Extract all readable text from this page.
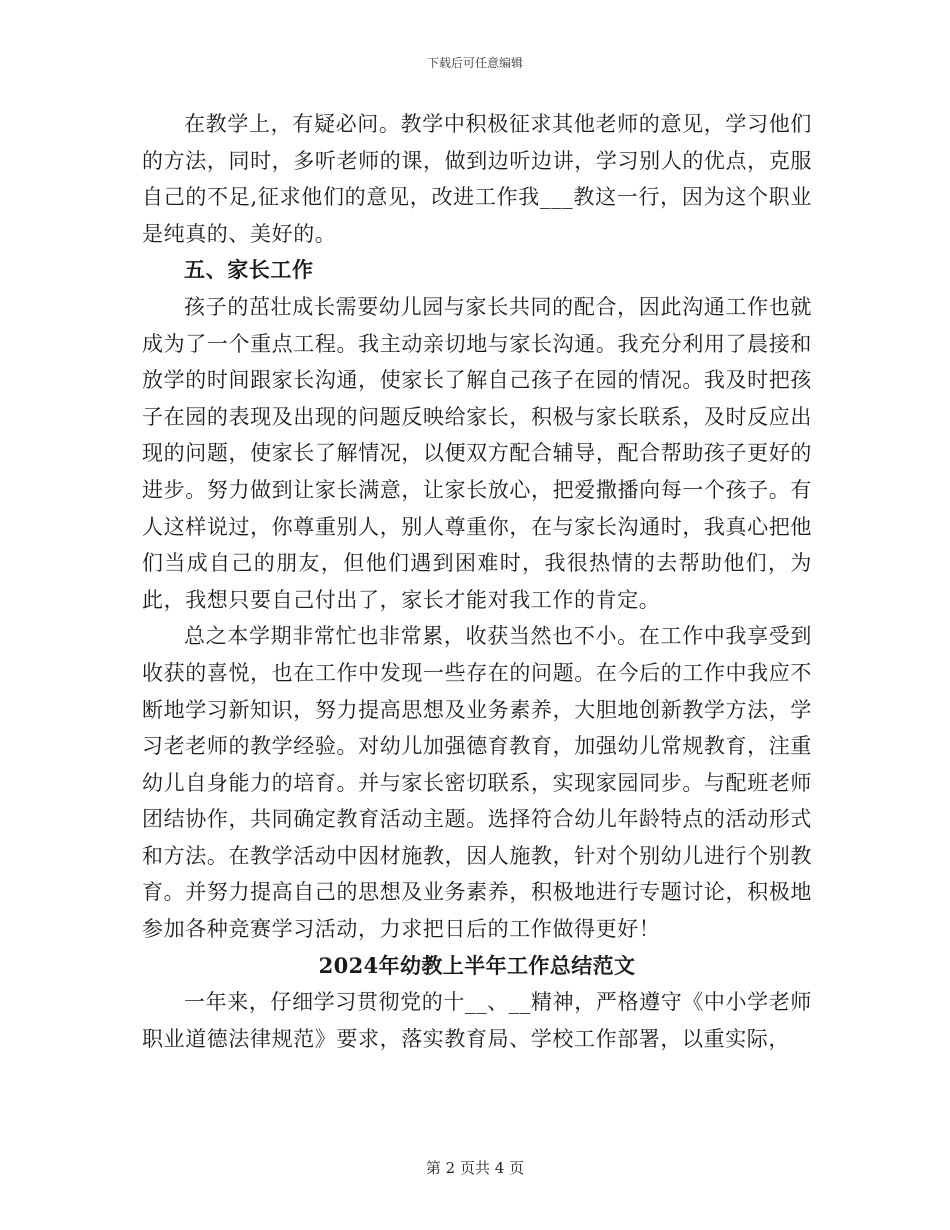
下载后可任意编辑

在教学上，有疑必问。教学中积极征求其他老师的意见，学习他们的方法，同时，多听老师的课，做到边听边讲，学习别人的优点，克服自己的不足,征求他们的意见，改进工作我___教这一行，因为这个职业是纯真的、美好的。

五、家长工作

孩子的茁壮成长需要幼儿园与家长共同的配合，因此沟通工作也就成为了一个重点工程。我主动亲切地与家长沟通。我充分利用了晨接和放学的时间跟家长沟通，使家长了解自己孩子在园的情况。我及时把孩子在园的表现及出现的问题反映给家长，积极与家长联系，及时反应出现的问题，使家长了解情况，以便双方配合辅导，配合帮助孩子更好的进步。努力做到让家长满意，让家长放心，把爱撒播向每一个孩子。有人这样说过，你尊重别人，别人尊重你，在与家长沟通时，我真心把他们当成自己的朋友，但他们遇到困难时，我很热情的去帮助他们，为此，我想只要自己付出了，家长才能对我工作的肯定。

总之本学期非常忙也非常累，收获当然也不小。在工作中我享受到收获的喜悦，也在工作中发现一些存在的问题。在今后的工作中我应不断地学习新知识，努力提高思想及业务素养，大胆地创新教学方法，学习老老师的教学经验。对幼儿加强德育教育，加强幼儿常规教育，注重幼儿自身能力的培育。并与家长密切联系，实现家园同步。与配班老师团结协作，共同确定教育活动主题。选择符合幼儿年龄特点的活动形式和方法。在教学活动中因材施教，因人施教，针对个别幼儿进行个别教育。并努力提高自己的思想及业务素养，积极地进行专题讨论，积极地参加各种竞赛学习活动，力求把日后的工作做得更好！

2024年幼教上半年工作总结范文

一年来，仔细学习贯彻党的十__、__精神，严格遵守《中小学老师职业道德法律规范》要求，落实教育局、学校工作部署，以重实际，

第 2 页共 4 页
